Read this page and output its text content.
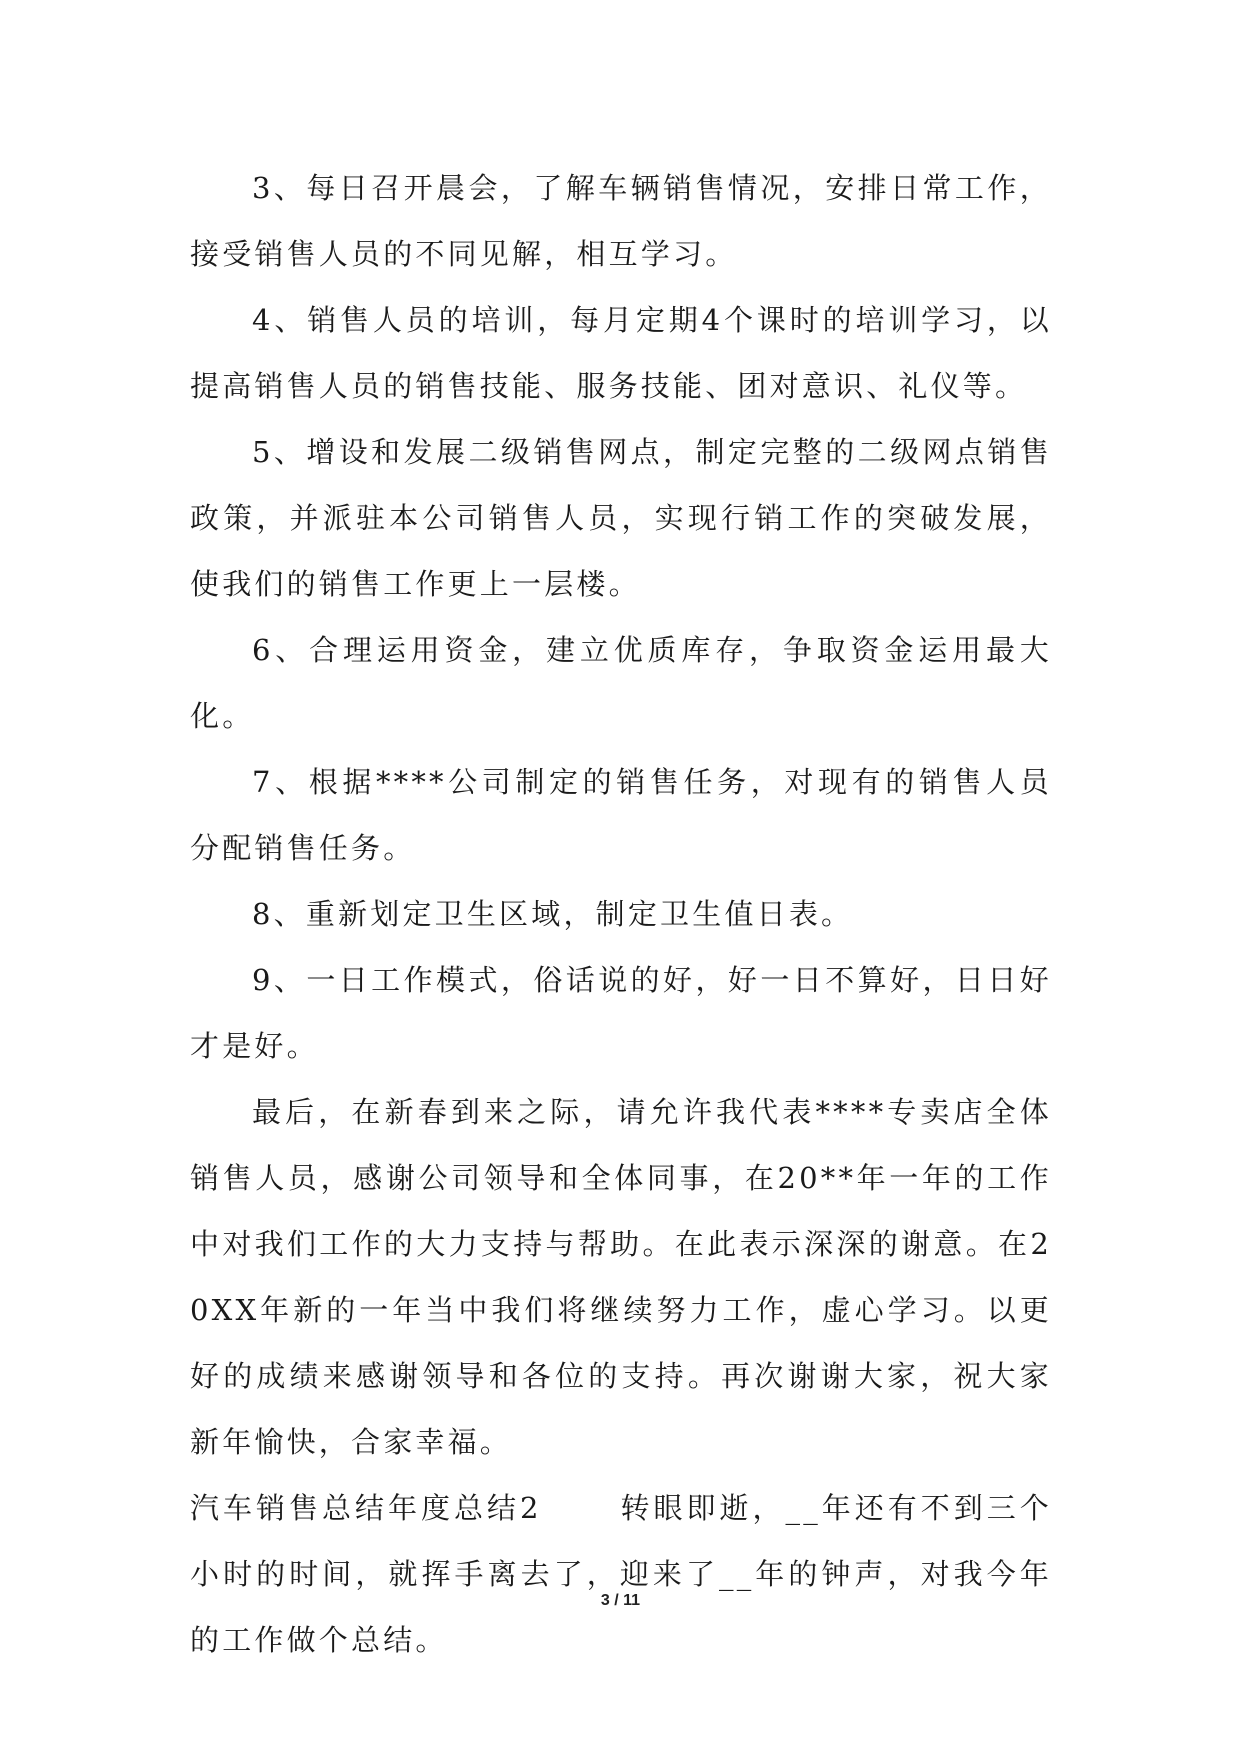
3、每日召开晨会，了解车辆销售情况，安排日常工作，接受销售人员的不同见解，相互学习。

4、销售人员的培训，每月定期4个课时的培训学习，以提高销售人员的销售技能、服务技能、团对意识、礼仪等。

5、增设和发展二级销售网点，制定完整的二级网点销售政策，并派驻本公司销售人员，实现行销工作的突破发展，使我们的销售工作更上一层楼。

6、合理运用资金，建立优质库存，争取资金运用最大化。

7、根据****公司制定的销售任务，对现有的销售人员分配销售任务。

8、重新划定卫生区域，制定卫生值日表。

9、一日工作模式，俗话说的好，好一日不算好，日日好才是好。

最后，在新春到来之际，请允许我代表****专卖店全体销售人员，感谢公司领导和全体同事，在20**年一年的工作中对我们工作的大力支持与帮助。在此表示深深的谢意。在20XX年新的一年当中我们将继续努力工作，虚心学习。以更好的成绩来感谢领导和各位的支持。再次谢谢大家，祝大家新年愉快，合家幸福。

汽车销售总结年度总结2	转眼即逝，__年还有不到三个小时的时间，就挥手离去了，迎来了__年的钟声，对我今年的工作做个总结。

3 / 11
